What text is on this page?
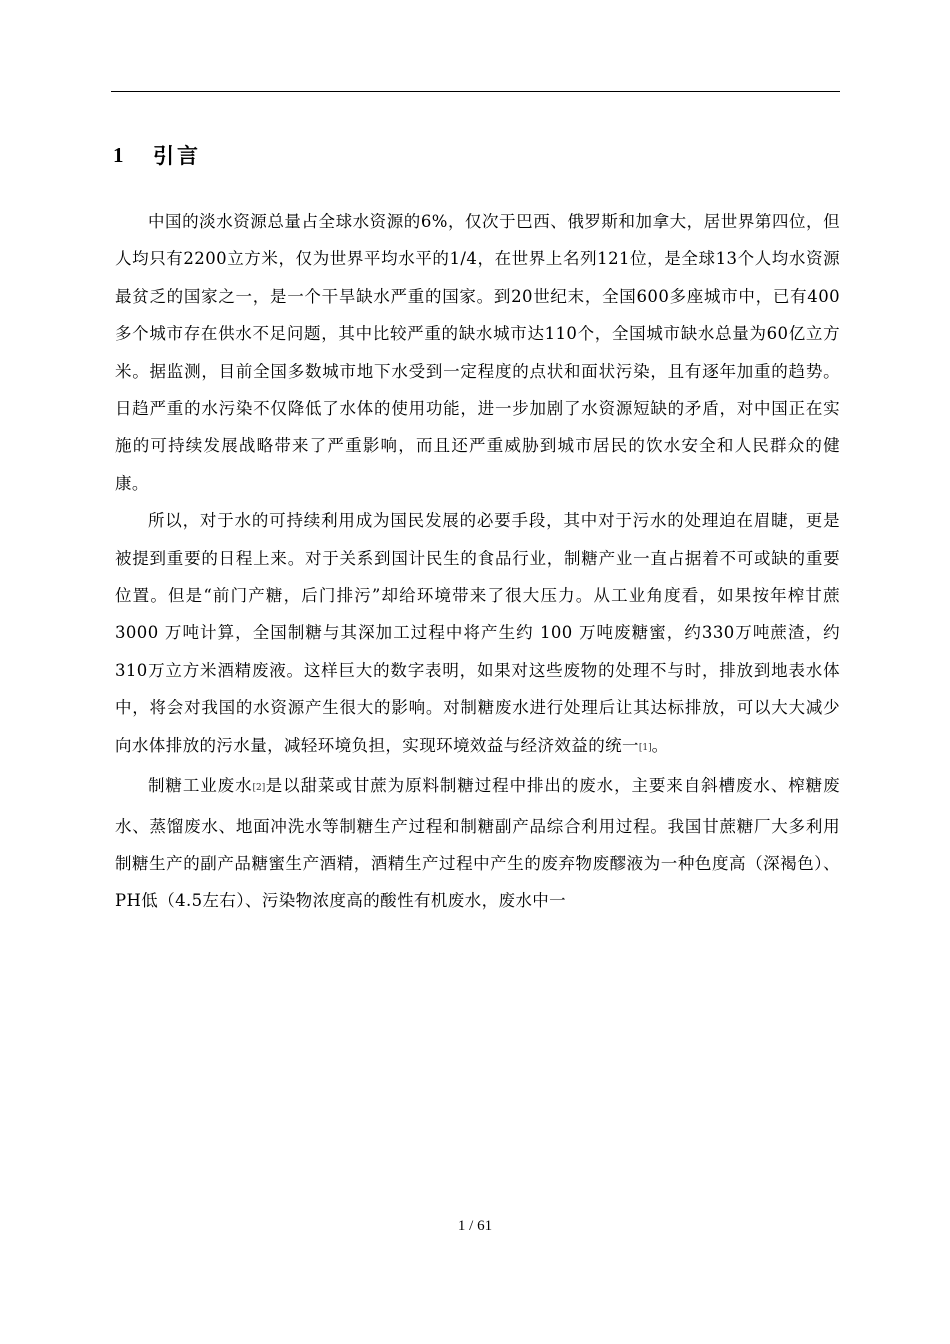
1	引言

中国的淡水资源总量占全球水资源的6%，仅次于巴西、俄罗斯和加拿大，居世界第四位，但人均只有2200立方米，仅为世界平均水平的1/4，在世界上名列121位，是全球13个人均水资源最贫乏的国家之一，是一个干旱缺水严重的国家。到20世纪末，全国600多座城市中，已有400多个城市存在供水不足问题，其中比较严重的缺水城市达110个，全国城市缺水总量为60亿立方米。据监测，目前全国多数城市地下水受到一定程度的点状和面状污染，且有逐年加重的趋势。日趋严重的水污染不仅降低了水体的使用功能，进一步加剧了水资源短缺的矛盾，对中国正在实施的可持续发展战略带来了严重影响，而且还严重威胁到城市居民的饮水安全和人民群众的健康。

所以，对于水的可持续利用成为国民发展的必要手段，其中对于污水的处理迫在眉睫，更是被提到重要的日程上来。对于关系到国计民生的食品行业，制糖产业一直占据着不可或缺的重要位置。但是“前门产糖，后门排污”却给环境带来了很大压力。从工业角度看，如果按年榨甘蔗 3000 万吨计算，全国制糖与其深加工过程中将产生约 100 万吨废糖蜜，约330万吨蔗渣，约310万立方米酒精废液。这样巨大的数字表明，如果对这些废物的处理不与时，排放到地表水体中，将会对我国的水资源产生很大的影响。对制糖废水进行处理后让其达标排放，可以大大减少向水体排放的污水量，减轻环境负担，实现环境效益与经济效益的统一[1]。

制糖工业废水[2]是以甜菜或甘蔗为原料制糖过程中排出的废水，主要来自斜槽废水、榨糖废水、蒸馏废水、地面冲洗水等制糖生产过程和制糖副产品综合利用过程。我国甘蔗糖厂大多利用制糖生产的副产品糖蜜生产酒精，酒精生产过程中产生的废弃物废醪液为一种色度高（深褐色）、PH低（4.5左右）、污染物浓度高的酸性有机废水，废水中一

1 / 61
